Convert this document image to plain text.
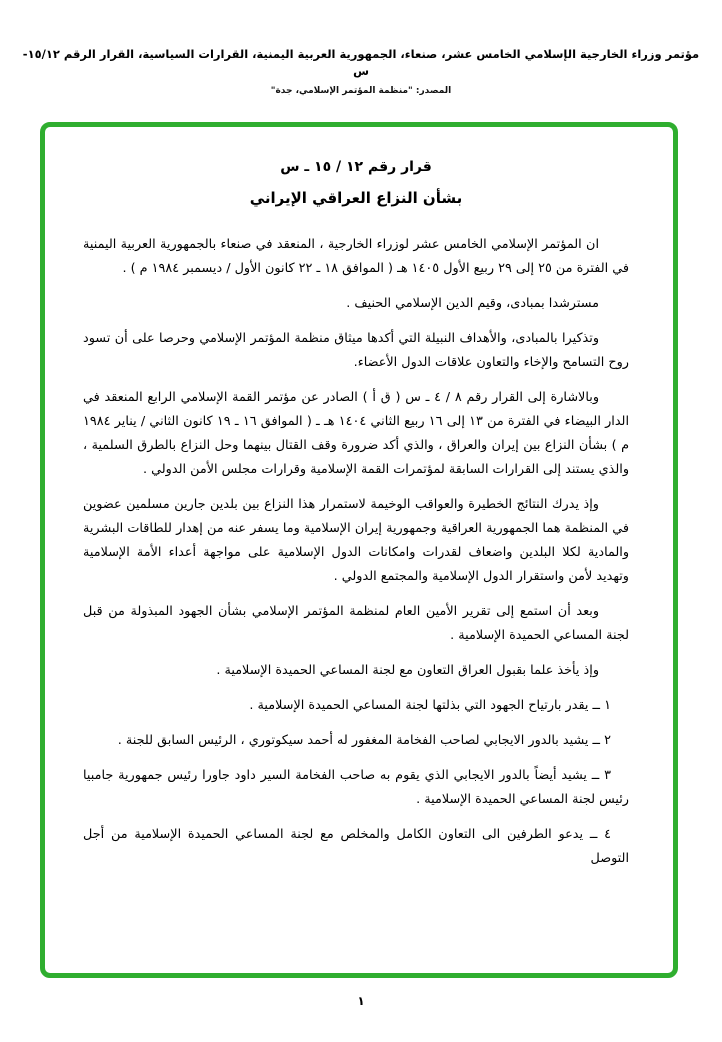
مؤتمر وزراء الخارجية الإسلامي الخامس عشر، صنعاء، الجمهورية العربية اليمنية، القرارات السياسية، القرار الرقم ١٥/١٢-س
المصدر: "منظمة المؤتمر الإسلامي، جدة"
قرار رقم ١٢ / ١٥ ـ س
بشأن النزاع العراقي الإيراني

ان المؤتمر الإسلامي الخامس عشر لوزراء الخارجية ، المنعقد في صنعاء بالجمهورية العربية اليمنية في الفترة من ٢٥ إلى ٢٩ ربيع الأول ١٤٠٥ هـ ( الموافق ١٨ ـ ٢٢ كانون الأول / ديسمبر ١٩٨٤ م ) .

مسترشدا بمبادى، وقيم الدين الإسلامي الحنيف .

وتذكيرا بالمبادى، والأهداف النبيلة التي أكدها ميثاق منظمة المؤتمر الإسلامي وحرصا على أن تسود روح التسامح والإخاء والتعاون علاقات الدول الأعضاء.

وبالاشارة إلى القرار رقم ٨ / ٤ ـ س ( ق أ ) الصادر عن مؤتمر القمة الإسلامي الرابع المنعقد في الدار البيضاء في الفترة من ١٣ إلى ١٦ ربيع الثاني ١٤٠٤ هـ ـ ( الموافق ١٦ ـ ١٩ كانون الثاني / يناير ١٩٨٤ م ) بشأن النزاع بين إيران والعراق ، والذي أكد ضرورة وقف القتال بينهما وحل النزاع بالطرق السلمية ، والذي يستند إلى القرارات السابقة لمؤتمرات القمة الإسلامية وقرارات مجلس الأمن الدولي .

وإذ يدرك النتائج الخطيرة والعواقب الوخيمة لاستمرار هذا النزاع بين بلدين جارين مسلمين عضوين في المنظمة هما الجمهورية العراقية وجمهورية إيران الإسلامية وما يسفر عنه من إهدار للطاقات البشرية والمادية لكلا البلدين واضعاف لقدرات وامكانات الدول الإسلامية على مواجهة أعداء الأمة الإسلامية وتهديد لأمن واستقرار الدول الإسلامية والمجتمع الدولي .

وبعد أن استمع إلى تقرير الأمين العام لمنظمة المؤتمر الإسلامي بشأن الجهود المبذولة من قبل لجنة المساعي الحميدة الإسلامية .

وإذ يأخذ علما بقبول العراق التعاون مع لجنة المساعي الحميدة الإسلامية .

١ ــ يقدر بارتياح الجهود التي بذلتها لجنة المساعي الحميدة الإسلامية .

٢ ــ يشيد بالدور الايجابي لصاحب الفخامة المغفور له أحمد سيكوتوري ، الرئيس السابق للجنة .

٣ ــ يشيد أيضاً بالدور الايجابي الذي يقوم به صاحب الفخامة السير داود جاورا رئيس جمهورية جامبيا رئيس لجنة المساعي الحميدة الإسلامية .

٤ ــ يدعو الطرفين الى التعاون الكامل والمخلص مع لجنة المساعي الحميدة الإسلامية من أجل التوصل

١
